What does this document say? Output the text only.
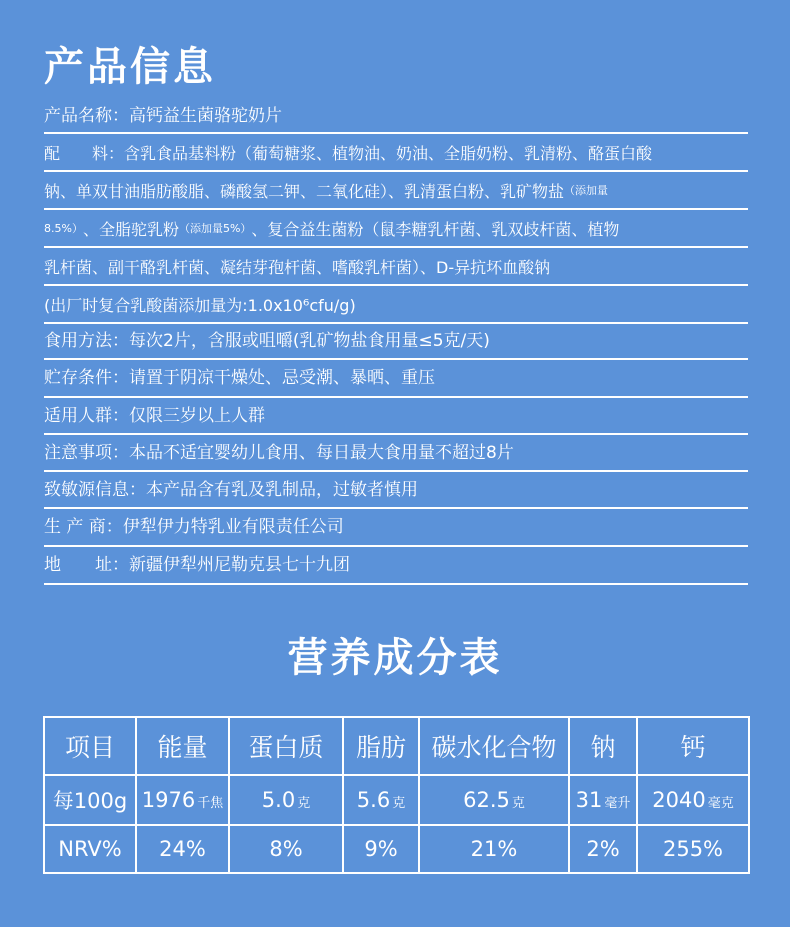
产品信息
产品名称： 高钙益生菌骆驼奶片
配　　料： 含乳食品基料粉（葡萄糖浆、植物油、奶油、全脂奶粉、乳清粉、酪蛋白酸
钠、单双甘油脂肪酸脂、磷酸氢二钾、二氧化硅）、乳清蛋白粉、乳矿物盐 （添加量
8.5%） 、全脂驼乳粉 （添加量5%） 、复合益生菌粉（鼠李糖乳杆菌、乳双歧杆菌、植物
乳杆菌、副干酪乳杆菌、凝结芽孢杆菌、嗜酸乳杆菌）、D-异抗坏血酸钠
(出厂时复合乳酸菌添加量为:1.0x10⁶cfu/g)
食用方法： 每次2片，含服或咀嚼(乳矿物盐食用量≤5克/天)
贮存条件： 请置于阴凉干燥处、忌受潮、暴晒、重压
适用人群： 仅限三岁以上人群
注意事项： 本品不适宜婴幼儿食用、每日最大食用量不超过8片
致敏源信息： 本产品含有乳及乳制品，过敏者慎用
生 产 商： 伊犁伊力特乳业有限责任公司
地　　址： 新疆伊犁州尼勒克县七十九团
营养成分表
项目	能量	蛋白质	脂肪	碳水化合物	钠	钙
每100g	1976 千焦	5.0 克	5.6 克	62.5 克	31 毫升	2040 毫克
NRV%	24%	8%	9%	21%	2%	255%
